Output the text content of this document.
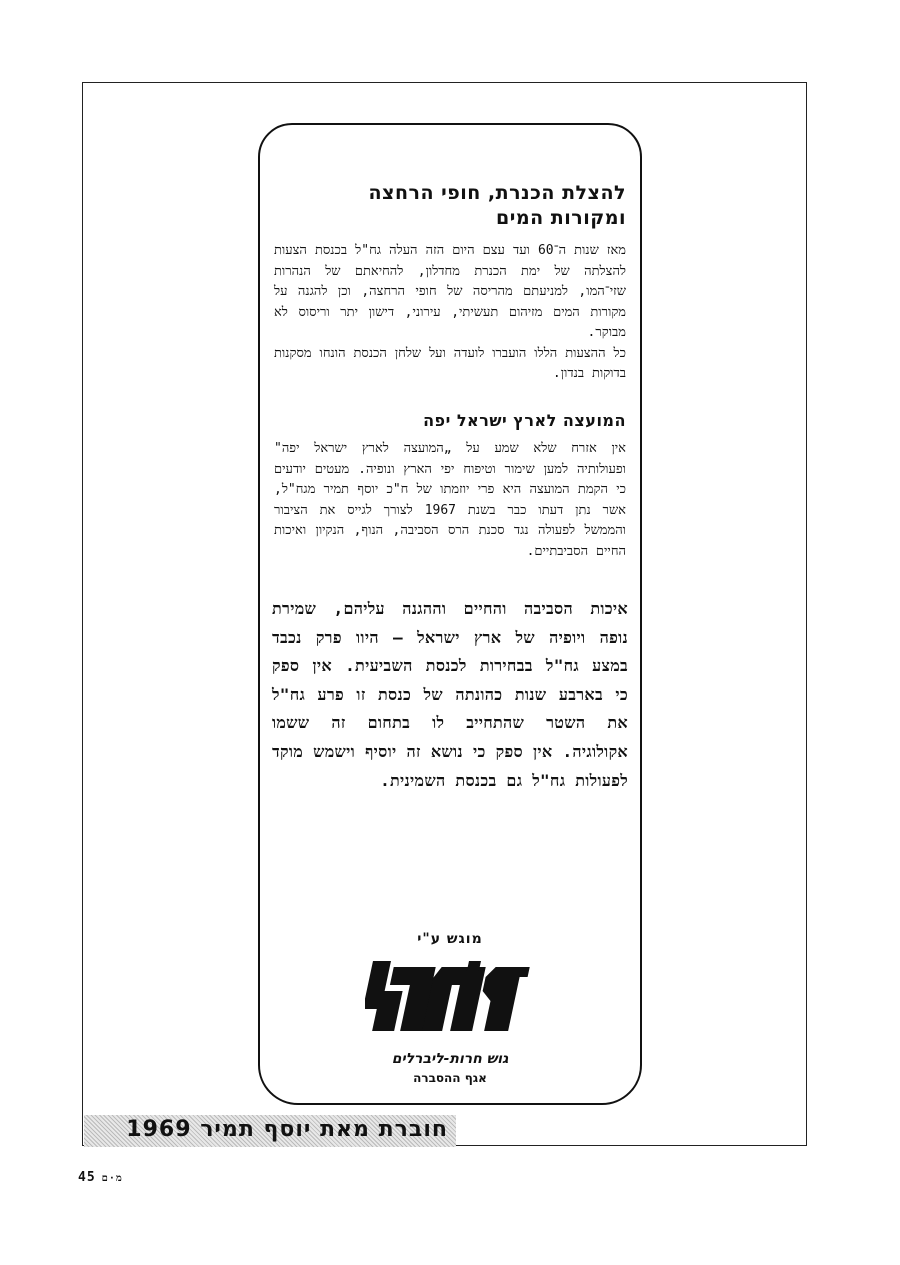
להצלת הכנרת, חופי הרחצה
ומקורות המים

מאז שנות ה־60 ועד עצם היום הזה העלה גח"ל בכנסת הצעות להצלתה של ימת הכנרת מחדלון, להחיאתם של הנהרות שזי־המו, למניעתם מהריסה של חופי הרחצה, וכן להגנה על מקורות המים מזיהום תעשיתי, עירוני, דישון יתר וריסוס לא מבוקר.

כל ההצעות הללו הועברו לועדה ועל שלחן הכנסת הונחו מסקנות בדוקות בנדון.

המועצה לארץ ישראל יפה

אין אזרח שלא שמע על „המועצה לארץ ישראל יפה" ופעולותיה למען שימור וטיפוח יפי הארץ ונופיה. מעטים יודעים כי הקמת המועצה היא פרי יוזמתו של ח"כ יוסף תמיר מגח"ל, אשר נתן דעתו כבר בשנת 1967 לצורך לגייס את הציבור והממשל לפעולה נגד סכנת הרס הסביבה, הנוף, הנקיון ואיכות החיים הסביבתיים.

איכות הסביבה והחיים וההגנה עליהם, שמירת נופה ויופיה של ארץ ישראל — היוו פרק נכבד במצע גח"ל בבחירות לכנסת השביעית. אין ספק כי בארבע שנות כהונתה של כנסת זו פרע גח"ל את השטר שהתחייב לו בתחום זה ששמו אקולוגיה. אין ספק כי נושא זה יוסיף וישמש מוקד לפעולות גח"ל גם בכנסת השמינית.

מוגש ע"י
גוש חרות-ליברלים
אגף ההסברה
חוברת מאת יוסף תמיר 1969
45 מ·ם
